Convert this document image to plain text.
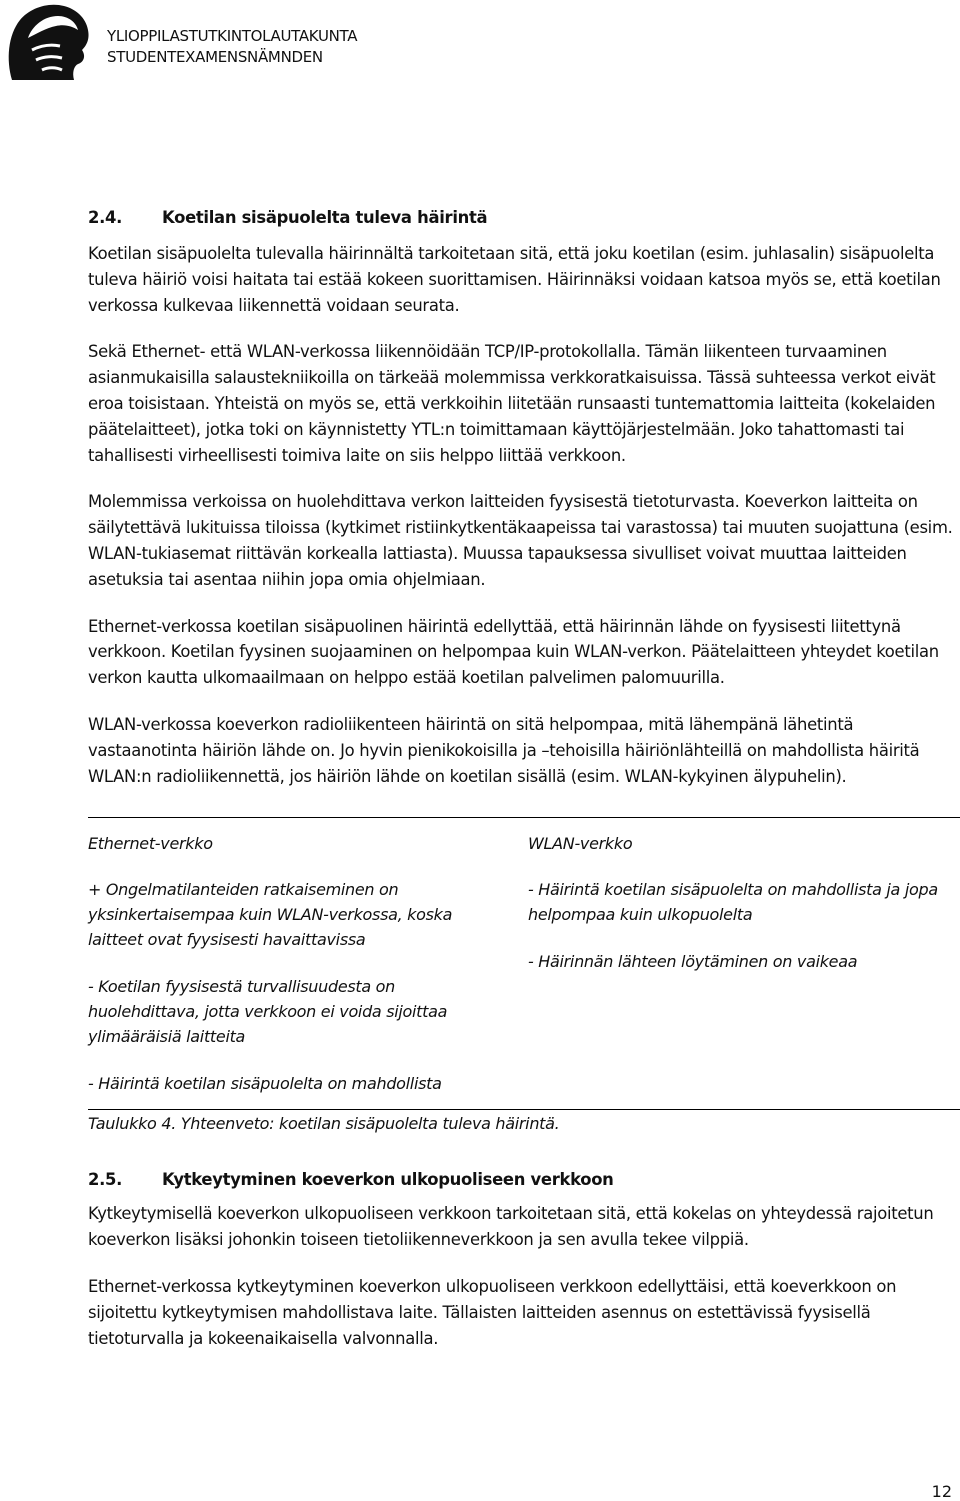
YLIOPPILASTUTKINTOLAUTAKUNTA
STUDENTEXAMENSNÄMNDEN
2.4. Koetilan sisäpuolelta tuleva häirintä

Koetilan sisäpuolelta tulevalla häirinnältä tarkoitetaan sitä, että joku koetilan (esim. juhlasalin) sisäpuolelta tuleva häiriö voisi haitata tai estää kokeen suorittamisen. Häirinnäksi voidaan katsoa myös se, että koetilan verkossa kulkevaa liikennettä voidaan seurata.

Sekä Ethernet- että WLAN-verkossa liikennöidään TCP/IP-protokollalla. Tämän liikenteen turvaaminen asianmukaisilla salaustekniikoilla on tärkeää molemmissa verkkoratkaisuissa. Tässä suhteessa verkot eivät eroa toisistaan. Yhteistä on myös se, että verkkoihin liitetään runsaasti tuntemattomia laitteita (kokelaiden päätelaitteet), jotka toki on käynnistetty YTL:n toimittamaan käyttöjärjestelmään. Joko tahattomasti tai tahallisesti virheellisesti toimiva laite on siis helppo liittää verkkoon.

Molemmissa verkoissa on huolehdittava verkon laitteiden fyysisestä tietoturvasta. Koeverkon laitteita on säilytettävä lukituissa tiloissa (kytkimet ristiinkytkentäkaapeissa tai varastossa) tai muuten suojattuna (esim. WLAN-tukiasemat riittävän korkealla lattiasta). Muussa tapauksessa sivulliset voivat muuttaa laitteiden asetuksia tai asentaa niihin jopa omia ohjelmiaan.

Ethernet-verkossa koetilan sisäpuolinen häirintä edellyttää, että häirinnän lähde on fyysisesti liitettynä verkkoon. Koetilan fyysinen suojaaminen on helpompaa kuin WLAN-verkon. Päätelaitteen yhteydet koetilan verkon kautta ulkomaailmaan on helppo estää koetilan palvelimen palomuurilla.

WLAN-verkossa koeverkon radioliikenteen häirintä on sitä helpompaa, mitä lähempänä lähetintä vastaanotinta häiriön lähde on. Jo hyvin pienikokoisilla ja –tehoisilla häiriönlähteillä on mahdollista häiritä WLAN:n radioliikennettä, jos häiriön lähde on koetilan sisällä (esim. WLAN-kykyinen älypuhelin).

Ethernet-verkko
+ Ongelmatilanteiden ratkaiseminen on yksinkertaisempaa kuin WLAN-verkossa, koska laitteet ovat fyysisesti havaittavissa
- Koetilan fyysisestä turvallisuudesta on huolehdittava, jotta verkkoon ei voida sijoittaa ylimääräisiä laitteita
- Häirintä koetilan sisäpuolelta on mahdollista
WLAN-verkko
- Häirintä koetilan sisäpuolelta on mahdollista ja jopa helpompaa kuin ulkopuolelta
- Häirinnän lähteen löytäminen on vaikeaa
Taulukko 4. Yhteenveto: koetilan sisäpuolelta tuleva häirintä.
2.5. Kytkeytyminen koeverkon ulkopuoliseen verkkoon

Kytkeytymisellä koeverkon ulkopuoliseen verkkoon tarkoitetaan sitä, että kokelas on yhteydessä rajoitetun koeverkon lisäksi johonkin toiseen tietoliikenneverkkoon ja sen avulla tekee vilppiä.

Ethernet-verkossa kytkeytyminen koeverkon ulkopuoliseen verkkoon edellyttäisi, että koeverkkoon on sijoitettu kytkeytymisen mahdollistava laite. Tällaisten laitteiden asennus on estettävissä fyysisellä tietoturvalla ja kokeenaikaisella valvonnalla.

12
